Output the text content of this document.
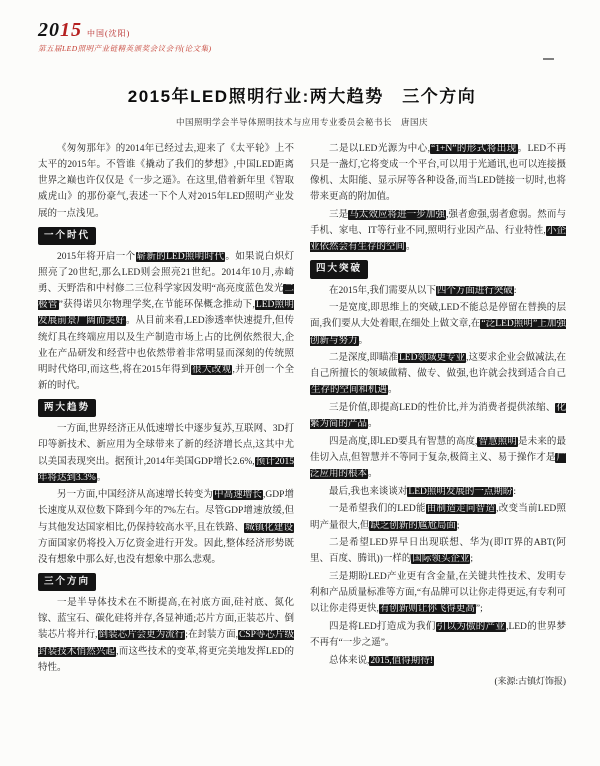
2015 中国(沈阳)
第五届LED照明产业链精英颁奖会议会刊(论文集)
2015年LED照明行业:两大趋势　三个方向
中国照明学会半导体照明技术与应用专业委员会秘书长　唐国庆

《匆匆那年》的2014年已经过去,迎来了《太平轮》上不太平的2015年。不管谁《撬动了我们的梦想》,中国LED距离世界之巅也许仅仅是《一步之遥》。在这里,借着新年里《智取威虎山》的那份豪气,表述一下个人对2015年LED照明产业发展的一点浅见。

一个时代

2015年将开启一个崭新的LED照明时代。如果说白炽灯照亮了20世纪,那么LED则会照亮21世纪。2014年10月,赤崎勇、天野浩和中村修二三位科学家因发明“高亮度蓝色发光二极管”获得诺贝尔物理学奖,在节能环保概念推动下,LED照明发展前景广阔而美好。从目前来看,LED渗透率快速提升,但传统灯具在终端应用以及生产制造市场上占的比例依然很大,企业在产品研发和经营中也依然带着非常明显而深刻的传统照明时代烙印,而这些,将在2015年得到很大改观,并开创一个全新的时代。

两大趋势

一方面,世界经济正从低速增长中逐步复苏,互联网、3D打印等新技术、新应用为全球带来了新的经济增长点,这其中尤以美国表现突出。据预计,2014年美国GDP增长2.6%,预计2015年将达到3.3%。

另一方面,中国经济从高速增长转变为中高速增长,GDP增长速度从双位数下降到今年的7%左右。尽管GDP增速放缓,但与其他发达国家相比,仍保持较高水平,且在铁路、城镇化建设方面国家仍将投入万亿资金进行开发。因此,整体经济形势既没有想象中那么好,也没有想象中那么悲观。

三个方向

一是半导体技术在不断提高,在衬底方面,硅衬底、氮化镓、蓝宝石、碳化硅将并存,各显神通;芯片方面,正装芯片、倒装芯片将并行,倒装芯片会更为流行;在封装方面,CSP等芯片级封装技术悄然兴起,而这些技术的变革,将更完美地发挥LED的特性。

二是以LED光源为中心,“1+N”的形式将出现。LED不再只是一盏灯,它将变成一个平台,可以用于光通讯,也可以连接摄像机、太阳能、显示屏等各种设备,而当LED链接一切时,也将带来更高的附加值。

三是马太效应将进一步加强,强者愈强,弱者愈弱。然而与手机、家电、IT等行业不同,照明行业因产品、行业特性,小企业依然会有生存的空间。

四大突破

在2015年,我们需要从以下四个方面进行突破:

一是宽度,即思维上的突破,LED不能总是停留在替换的层面,我们要从大处着眼,在细处上做文章,在“泛LED照明”上加强创新与努力。

二是深度,即瞄准LED领域更专业,这要求企业会做减法,在自己所擅长的领域做精、做专、做强,也许就会找到适合自己生存的空间和机遇。

三是价值,即提高LED的性价比,并为消费者提供浓缩、化繁为简的产品。

四是高度,即LED要具有智慧的高度,智慧照明是未来的最佳切入点,但智慧并不等同于复杂,极简主义、易于操作才是广泛应用的根本。

最后,我也来谈谈对LED照明发展的一点期盼:

一是希望我们的LED能由制造走向智造,改变当前LED照明产量很大,但缺乏创新的尴尬局面;

二是希望LED界早日出现联想、华为(即IT界的ABT(阿里、百度、腾讯))一样的国际领头企业;

三是期盼LED产业更有含金量,在关键共性技术、发明专利和产品质量标准等方面,“有品牌可以让你走得更远,有专利可以让你走得更快,有创新则让你飞得更高”;

四是将LED打造成为我们引以为傲的产业,LED的世界梦不再有“一步之遥”。

总体来说,2015,值得期待!

(来源:古镇灯饰报)
